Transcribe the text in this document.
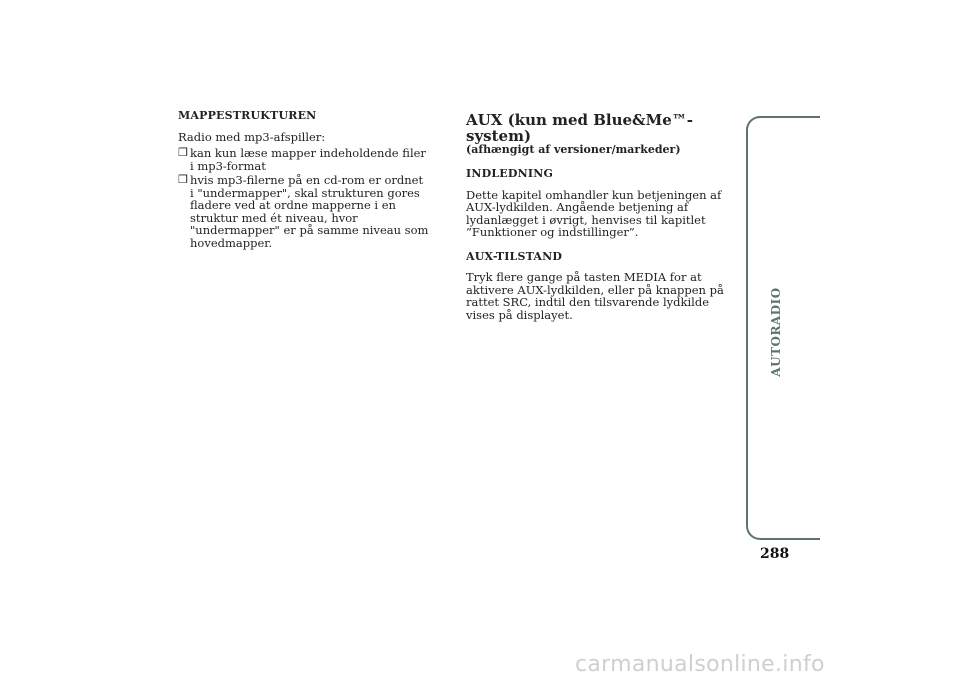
MAPPESTRUKTUREN
Radio med mp3-afspiller:
❒ kan kun læse mapper indeholdende filer i mp3-format
❒ hvis mp3-filerne på en cd-rom er ordnet i "undermapper", skal strukturen gores fladere ved at ordne mapperne i en struktur med ét niveau, hvor "undermapper" er på samme niveau som hovedmapper.
AUX (kun med Blue&Me™-system)
(afhængigt af versioner/markeder)
INDLEDNING
Dette kapitel omhandler kun betjeningen af AUX-lydkilden. Angående betjening af lydanlægget i øvrigt, henvises til kapitlet ”Funktioner og indstillinger”.
AUX-TILSTAND
Tryk flere gange på tasten MEDIA for at aktivere AUX-lydkilden, eller på knappen på rattet SRC, indtil den tilsvarende lydkilde vises på displayet.	AUTORADIO
288
carmanualsonline.info
